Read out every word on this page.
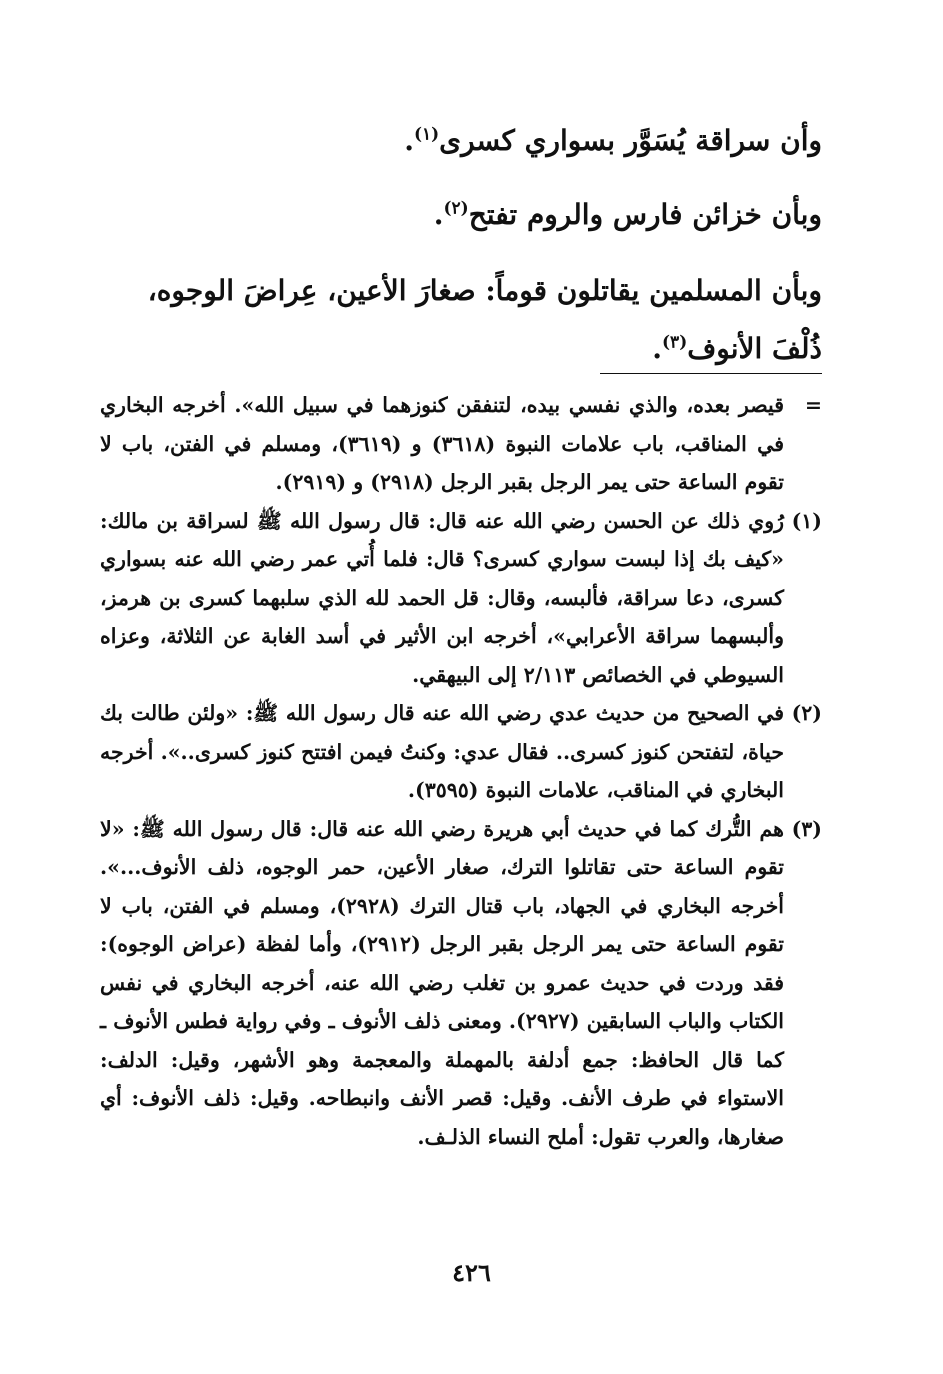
وأن سراقة يُسَوَّر بسواري كسرى$^{(١)}$.

وبأن خزائن فارس والروم تفتح$^{(٢)}$.

وبأن المسلمين يقاتلون قوماً: صغارَ الأعين، عِراضَ الوجوه، ذُلْفَ الأنوف$^{(٣)}$.

=
قيصر بعده، والذي نفسي بيده، لتنفقن كنوزهما في سبيل الله». أخرجه البخاري في المناقب، باب علامات النبوة (٣٦١٨) و (٣٦١٩)، ومسلم في الفتن، باب لا تقوم الساعة حتى يمر الرجل بقبر الرجل (٢٩١٨) و (٢٩١٩).

(١)
رُوي ذلك عن الحسن رضي الله عنه قال: قال رسول الله ﷺ لسراقة بن مالك: «كيف بك إذا لبست سواري كسرى؟ قال: فلما أُتي عمر رضي الله عنه بسواري كسرى، دعا سراقة، فألبسه، وقال: قل الحمد لله الذي سلبهما كسرى بن هرمز، وألبسهما سراقة الأعرابي»، أخرجه ابن الأثير في أسد الغابة عن الثلاثة، وعزاه السيوطي في الخصائص ٢/١١٣ إلى البيهقي.

(٢)
في الصحيح من حديث عدي رضي الله عنه قال رسول الله ﷺ: «ولئن طالت بك حياة، لتفتحن كنوز كسرى.. فقال عدي: وكنتُ فيمن افتتح كنوز كسرى..». أخرجه البخاري في المناقب، علامات النبوة (٣٥٩٥).

(٣)
هم التُّرك كما في حديث أبي هريرة رضي الله عنه قال: قال رسول الله ﷺ: «لا تقوم الساعة حتى تقاتلوا الترك، صغار الأعين، حمر الوجوه، ذلف الأنوف...». أخرجه البخاري في الجهاد، باب قتال الترك (٢٩٢٨)، ومسلم في الفتن، باب لا تقوم الساعة حتى يمر الرجل بقبر الرجل (٢٩١٢)، وأما لفظة (عراض الوجوه): فقد وردت في حديث عمرو بن تغلب رضي الله عنه، أخرجه البخاري في نفس الكتاب والباب السابقين (٢٩٢٧). ومعنى ذلف الأنوف ـ وفي رواية فطس الأنوف ـ كما قال الحافظ: جمع أدلفة بالمهملة والمعجمة وهو الأشهر، وقيل: الدلف: الاستواء في طرف الأنف. وقيل: قصر الأنف وانبطاحه. وقيل: ذلف الأنوف: أي صغارها، والعرب تقول: أملح النساء الذلـف.

٤٢٦
